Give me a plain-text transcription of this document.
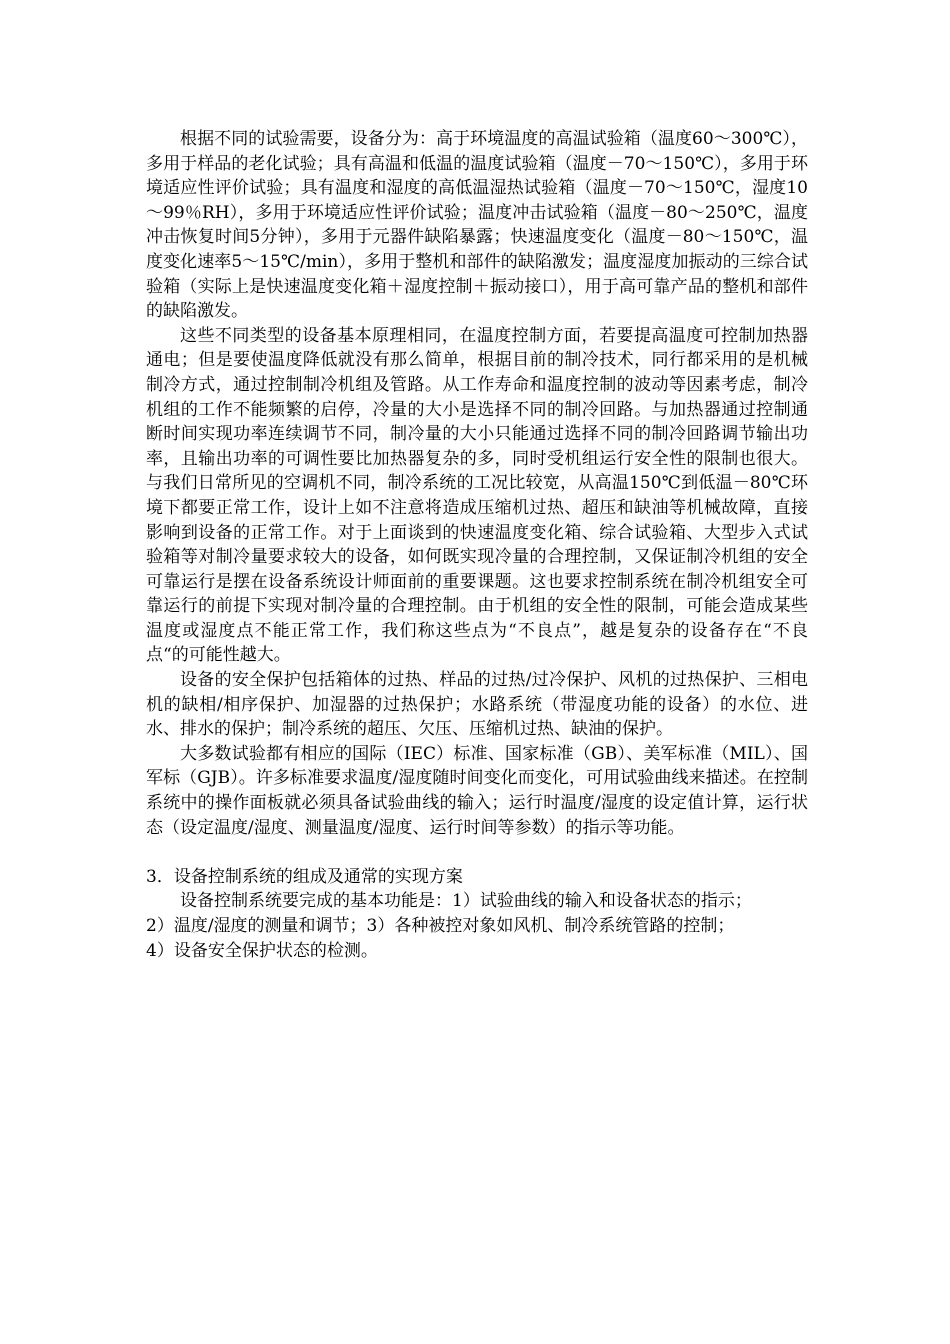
根据不同的试验需要，设备分为：高于环境温度的高温试验箱（温度60～300℃），多用于样品的老化试验；具有高温和低温的温度试验箱（温度－70～150℃），多用于环境适应性评价试验；具有温度和湿度的高低温湿热试验箱（温度－70～150℃，湿度10～99％RH），多用于环境适应性评价试验；温度冲击试验箱（温度－80～250℃，温度冲击恢复时间5分钟），多用于元器件缺陷暴露；快速温度变化（温度－80～150℃，温度变化速率5～15℃/min），多用于整机和部件的缺陷激发；温度湿度加振动的三综合试验箱（实际上是快速温度变化箱＋湿度控制＋振动接口），用于高可靠产品的整机和部件的缺陷激发。

这些不同类型的设备基本原理相同，在温度控制方面，若要提高温度可控制加热器通电；但是要使温度降低就没有那么简单，根据目前的制冷技术，同行都采用的是机械制冷方式，通过控制制冷机组及管路。从工作寿命和温度控制的波动等因素考虑，制冷机组的工作不能频繁的启停，冷量的大小是选择不同的制冷回路。与加热器通过控制通断时间实现功率连续调节不同，制冷量的大小只能通过选择不同的制冷回路调节输出功率，且输出功率的可调性要比加热器复杂的多，同时受机组运行安全性的限制也很大。与我们日常所见的空调机不同，制冷系统的工况比较宽，从高温150℃到低温－80℃环境下都要正常工作，设计上如不注意将造成压缩机过热、超压和缺油等机械故障，直接影响到设备的正常工作。对于上面谈到的快速温度变化箱、综合试验箱、大型步入式试验箱等对制冷量要求较大的设备，如何既实现冷量的合理控制，又保证制冷机组的安全可靠运行是摆在设备系统设计师面前的重要课题。这也要求控制系统在制冷机组安全可靠运行的前提下实现对制冷量的合理控制。由于机组的安全性的限制，可能会造成某些温度或湿度点不能正常工作，我们称这些点为“不良点”，越是复杂的设备存在“不良点“的可能性越大。

设备的安全保护包括箱体的过热、样品的过热/过冷保护、风机的过热保护、三相电机的缺相/相序保护、加湿器的过热保护；水路系统（带湿度功能的设备）的水位、进水、排水的保护；制冷系统的超压、欠压、压缩机过热、缺油的保护。

大多数试验都有相应的国际（IEC）标准、国家标准（GB）、美军标准（MIL）、国军标（GJB）。许多标准要求温度/湿度随时间变化而变化，可用试验曲线来描述。在控制系统中的操作面板就必须具备试验曲线的输入；运行时温度/湿度的设定值计算，运行状态（设定温度/湿度、测量温度/湿度、运行时间等参数）的指示等功能。

3．设备控制系统的组成及通常的实现方案

设备控制系统要完成的基本功能是：1）试验曲线的输入和设备状态的指示；

2）温度/湿度的测量和调节；3）各种被控对象如风机、制冷系统管路的控制；

4）设备安全保护状态的检测。
